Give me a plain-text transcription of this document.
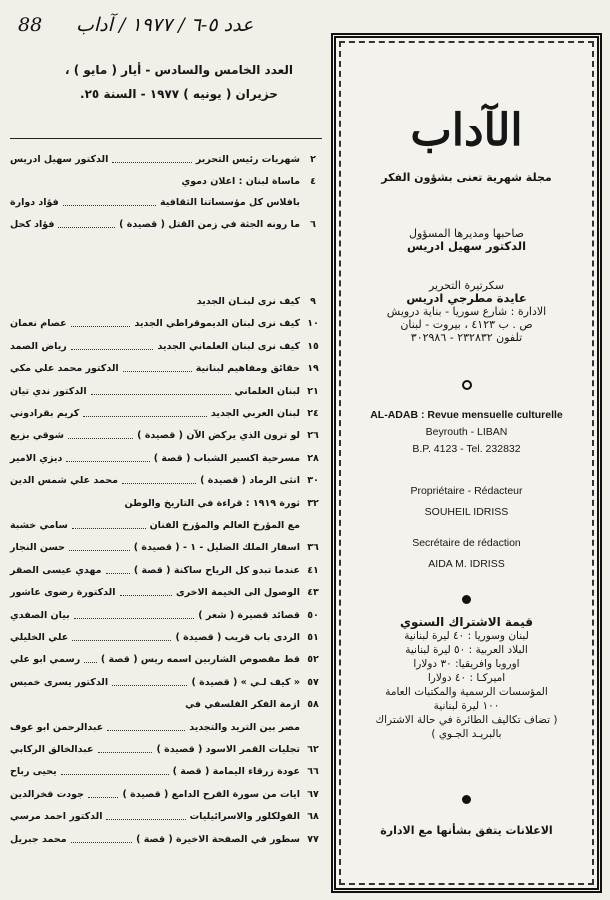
88 عدد ٥-٦ / ١٩٧٧ / آداب
العدد الخامس والسادس - أيار ( مايو ) ،
حزيران ( يونيه ) ١٩٧٧ - السنة ٢٥.
٢
شهريات رئيس التحرير
الدكتور سهيل ادريس
٤
ماساة لبنان : اعلان دموي
بافلاس كل مؤسساتنا الثقافية
فؤاد دوارة
٦
ما رونه الجثة في زمن القتل ( قصيدة )
فؤاد كحل
٩
كيف نرى لبنـان الجديد
١٠
كيف نرى لبنان الديموقراطي الجديد
عصام نعمان
١٥
كيف نرى لبنان العلماني الجديد
رياض الصمد
١٩
حقائق ومفاهيم لبنانية
الدكتور محمد علي مكي
٢١
لبنان العلماني
الدكتور ندي تيان
٢٤
لبنان العربي الجديد
كريم بقرادوني
٢٦
لو ترون الذي يركض الآن ( قصيدة )
شوقي بزيع
٢٨
مسرحية اكسير الشباب ( قصة )
ديزي الامير
٣٠
انثى الرماد ( قصيدة )
محمد علي شمس الدين
٣٢
ثورة ١٩١٩ : قراءة في التاريخ والوطن
مع المؤرخ العالم والمؤرخ الفنان
سامي خشبة
٣٦
اسفار الملك الضليل - ١ - ( قصيدة )
حسن النجار
٤١
عندما تبدو كل الرياح ساكنة ( قصة )
مهدي عيسى الصقر
٤٣
الوصول الى الخيمة الاخرى
الدكتورة رضوى عاشور
٥٠
قصائد قصيرة ( شعر )
بيان الصفدي
٥١
الردى باب قريب ( قصيدة )
علي الخليلي
٥٢
قط مقصوص الشاربين اسمه ريس ( قصة )
رسمي ابو علي
٥٧
« كيف لـي » ( قصيدة )
الدكتور يسرى خميس
٥٨
ازمة الفكر الفلسفي في
مصر بين التريد والتجديد
عبدالرحمن ابو عوف
٦٢
تجليات القمر الاسود ( قصيدة )
عبدالخالق الركابي
٦٦
عودة زرقاء اليمامة ( قصة )
يحيى رباح
٦٧
ايات من سورة الفرح الدامع ( قصيدة )
جودت فخرالدين
٦٨
الفولكلور والاسرائيليات
الدكتور احمد مرسي
٧٧
سطور في الصفحة الاخيرة ( قصة )
محمد جبريل
الآداب
مجلة شهرية تعنى بشؤون الفكر
صاحبها ومديرها المسؤول
الدكتور سهيل ادريس
سكرتيرة التحرير
عايدة مطرجي ادريس
الادارة : شارع سوريا - بناية درويش
ص . ب ٤١٢٣ ، بيروت - لبنان
تلفون ٢٣٢٨٣٢ - ٣٠٢٩٨٦
AL-ADAB : Revue mensuelle culturelle
Beyrouth - LIBAN
B.P. 4123 - Tel. 232832
Propriétaire - Rédacteur
SOUHEIL IDRISS
Secrétaire de rédaction
AIDA M. IDRISS
قيمة الاشتراك السنوي
لبنان وسوريا : ٤٠ ليرة لبنانية
البلاد العربية : ٥٠ ليرة لبنانية
اوروبا وافريقيا: ٣٠ دولارا
اميركـا : ٤٠ دولارا
المؤسسات الرسمية والمكتبات العامة
١٠٠ ليرة لبنانية
( تضاف تكاليف الطائرة في حالة الاشتراك
بالبريـد الجـوي )
الاعلانات يتفق بشأنها مع الادارة
